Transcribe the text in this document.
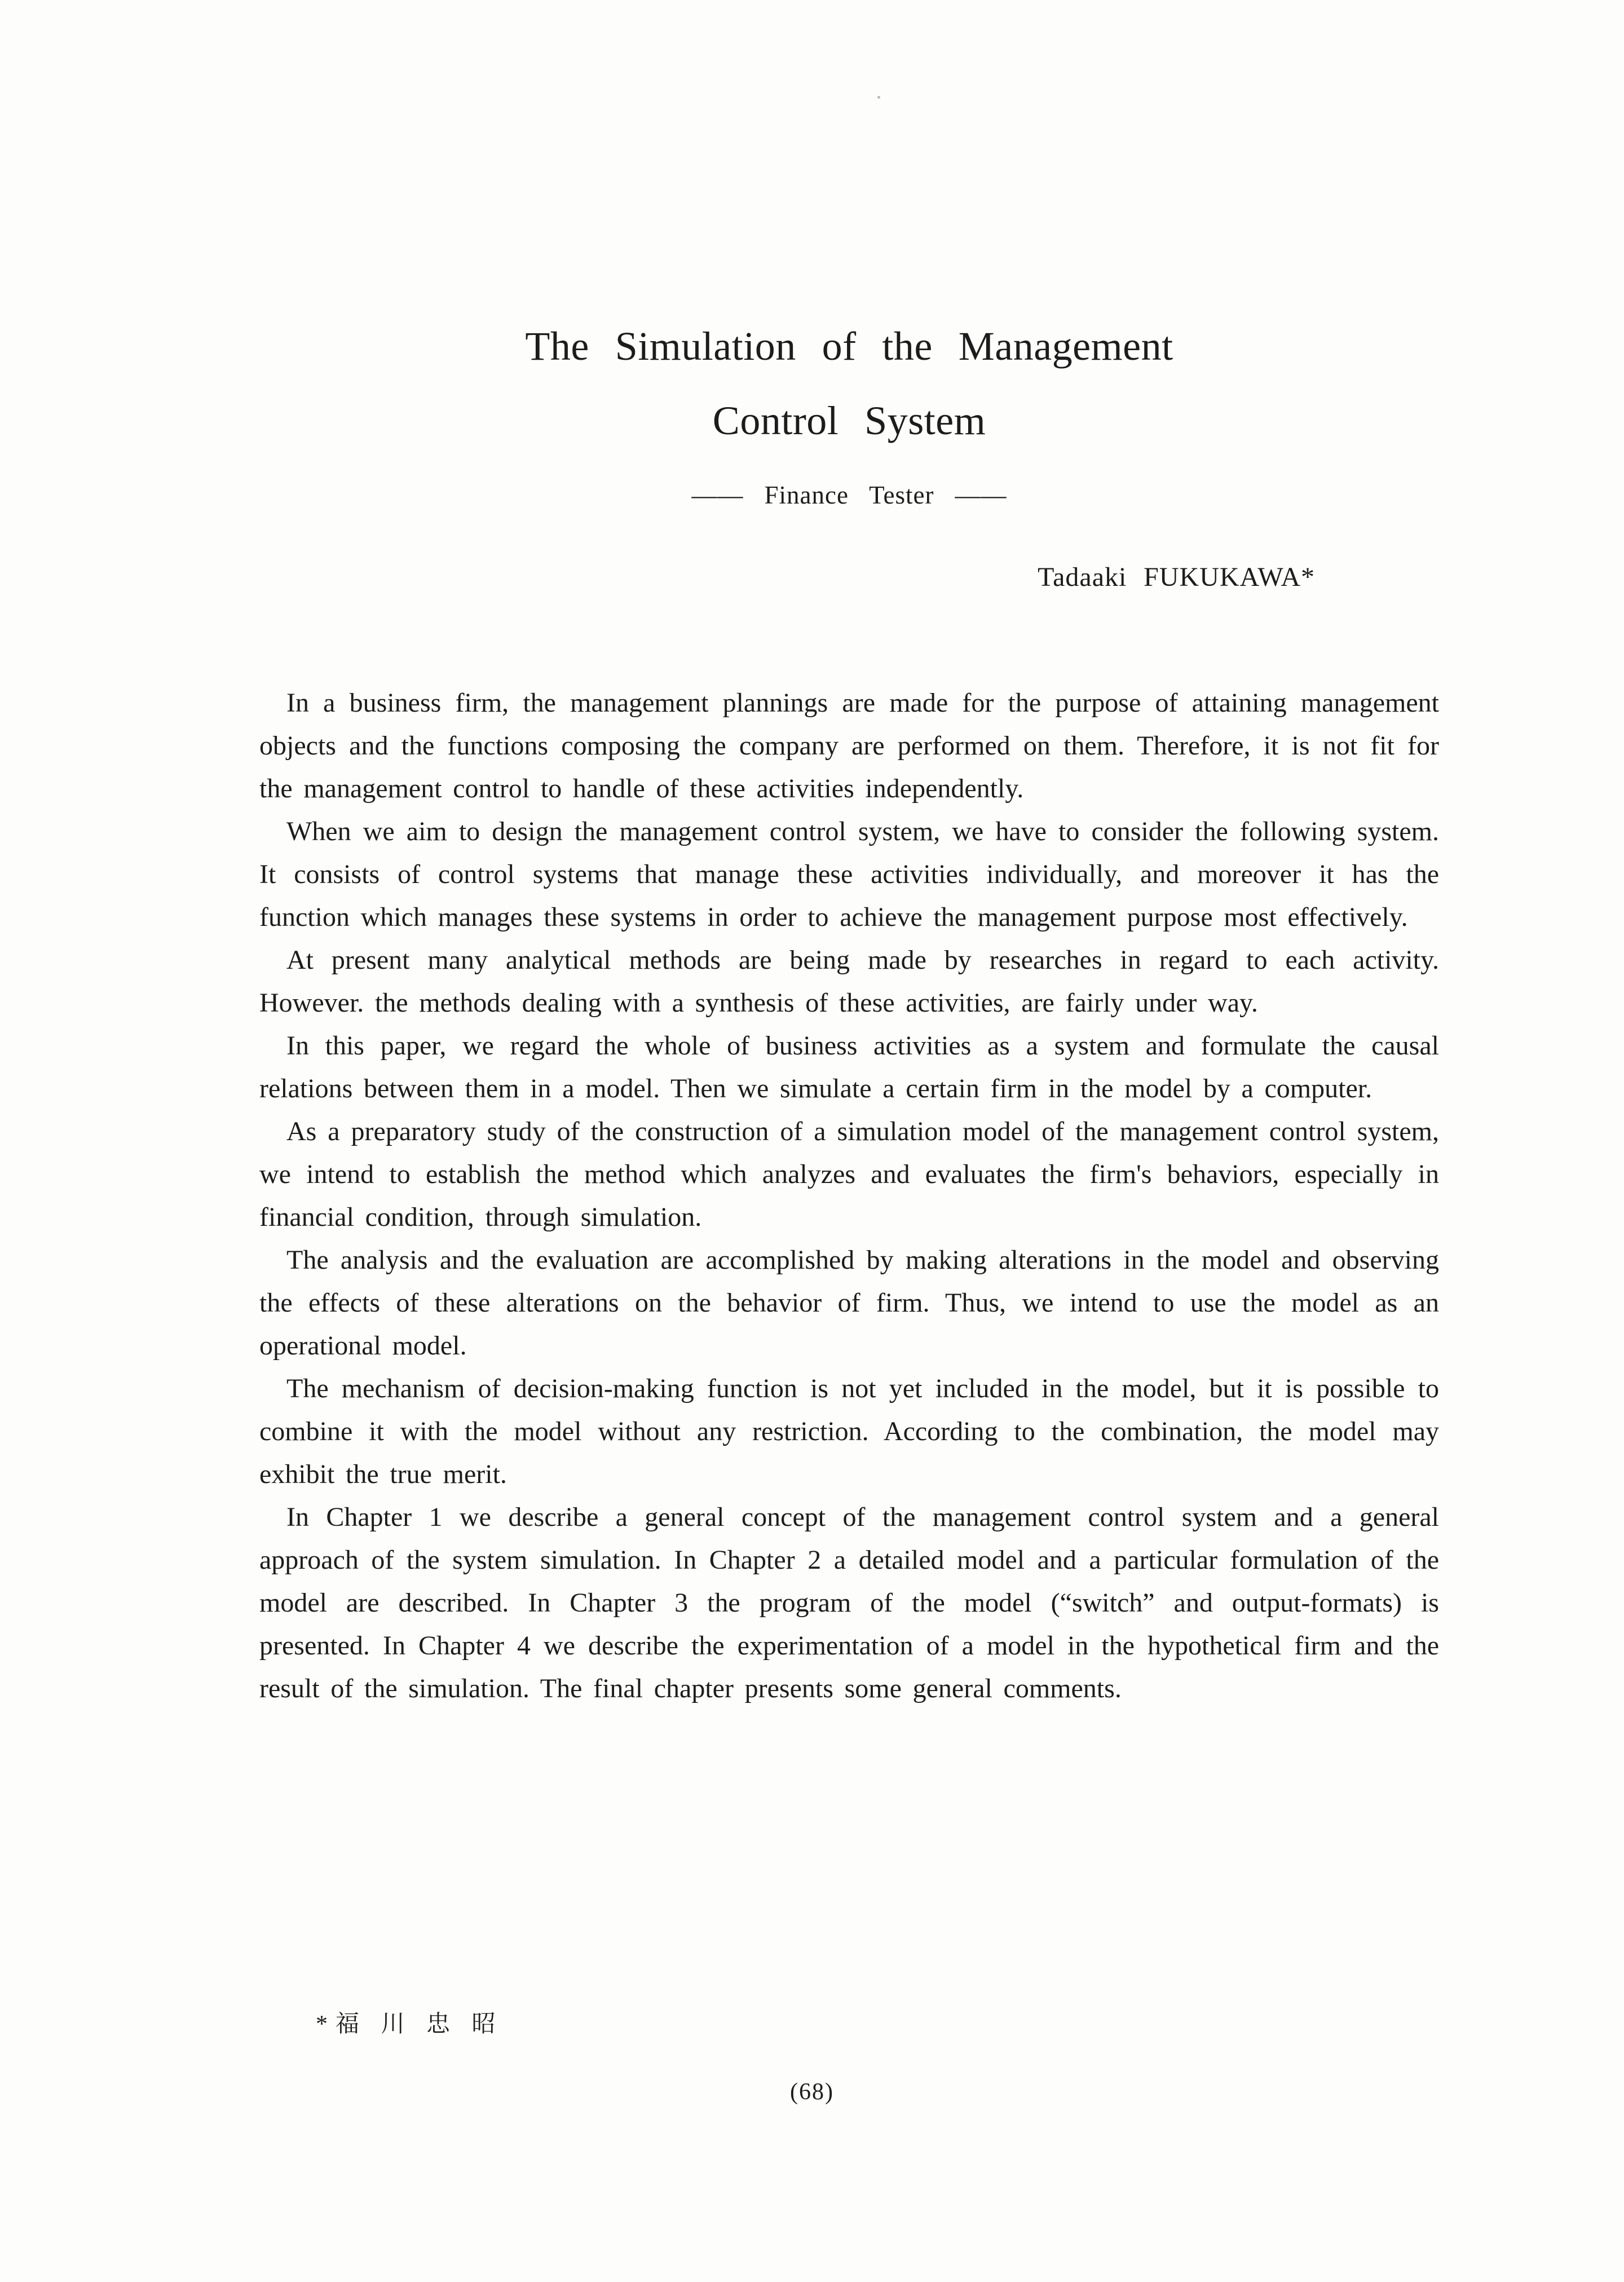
The Simulation of the Management
Control System
—— Finance Tester ——
Tadaaki FUKUKAWA*

In a business firm, the management plannings are made for the purpose of attaining management objects and the functions composing the company are performed on them. Therefore, it is not fit for the management control to handle of these activities independently.

When we aim to design the management control system, we have to consider the following system. It consists of control systems that manage these activities individually, and moreover it has the function which manages these systems in order to achieve the management purpose most effectively.

At present many analytical methods are being made by researches in regard to each activity. However. the methods dealing with a synthesis of these activities, are fairly under way.

In this paper, we regard the whole of business activities as a system and formulate the causal relations between them in a model. Then we simulate a certain firm in the model by a computer.

As a preparatory study of the construction of a simulation model of the management control system, we intend to establish the method which analyzes and evaluates the firm's behaviors, especially in financial condition, through simulation.

The analysis and the evaluation are accomplished by making alterations in the model and observing the effects of these alterations on the behavior of firm. Thus, we intend to use the model as an operational model.

The mechanism of decision-making function is not yet included in the model, but it is possible to combine it with the model without any restriction. According to the combination, the model may exhibit the true merit.

In Chapter 1 we describe a general concept of the management control system and a general approach of the system simulation. In Chapter 2 a detailed model and a particular formulation of the model are described. In Chapter 3 the program of the model (“switch” and output-formats) is presented. In Chapter 4 we describe the experimentation of a model in the hypothetical firm and the result of the simulation. The final chapter presents some general comments.

*福 川 忠 昭
(68)
